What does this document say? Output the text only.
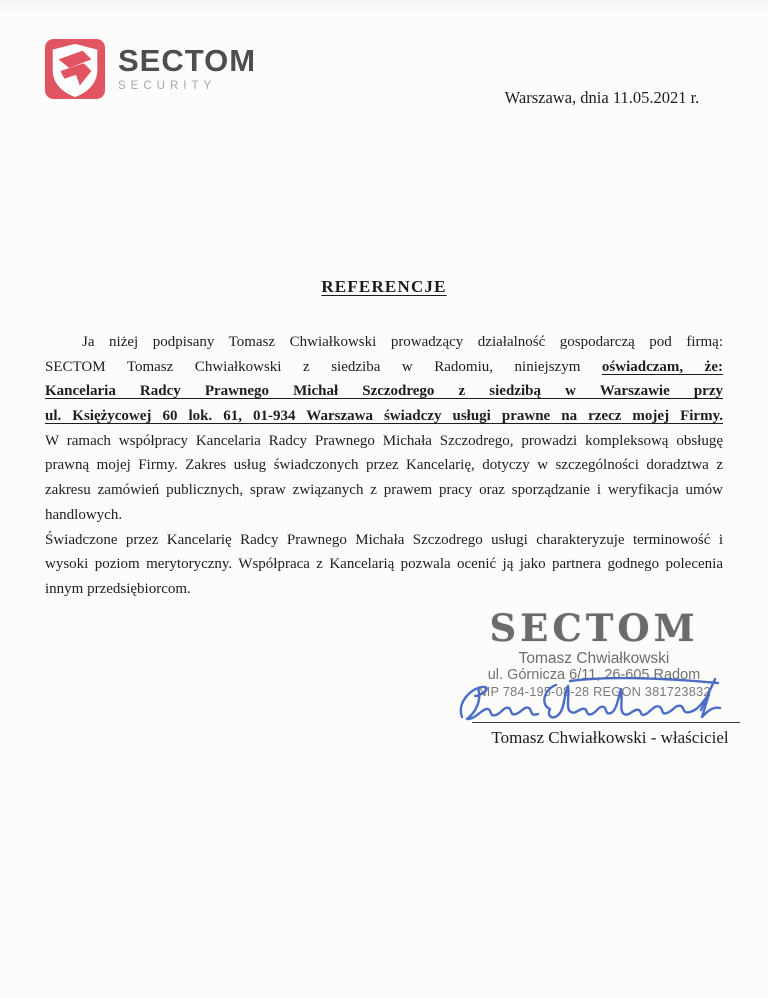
SECTOM
SECURITY
Warszawa, dnia 11.05.2021 r.
REFERENCJE
Ja niżej podpisany Tomasz Chwiałkowski prowadzący działalność gospodarczą pod firmą:
SECTOM Tomasz Chwiałkowski z siedziba w Radomiu, niniejszym oświadczam, że:
Kancelaria Radcy Prawnego Michał Szczodrego z siedzibą w Warszawie przy
ul. Księżycowej 60 lok. 61, 01-934 Warszawa świadczy usługi prawne na rzecz mojej Firmy.
W ramach współpracy Kancelaria Radcy Prawnego Michała Szczodrego, prowadzi kompleksową obsługę
prawną mojej Firmy. Zakres usług świadczonych przez Kancelarię, dotyczy w szczególności doradztwa z
zakresu zamówień publicznych, spraw związanych z prawem pracy oraz sporządzanie i weryfikacja umów
handlowych.
Świadczone przez Kancelarię Radcy Prawnego Michała Szczodrego usługi charakteryzuje terminowość i
wysoki poziom merytoryczny. Współpraca z Kancelarią pozwala ocenić ją jako partnera godnego polecenia
innym przedsiębiorcom.
SECTOM
Tomasz Chwiałkowski
ul. Górnicza 6/11, 26-605 Radom
NIP 784-195-08-28 REGON 381723832
Tomasz Chwiałkowski - właściciel
